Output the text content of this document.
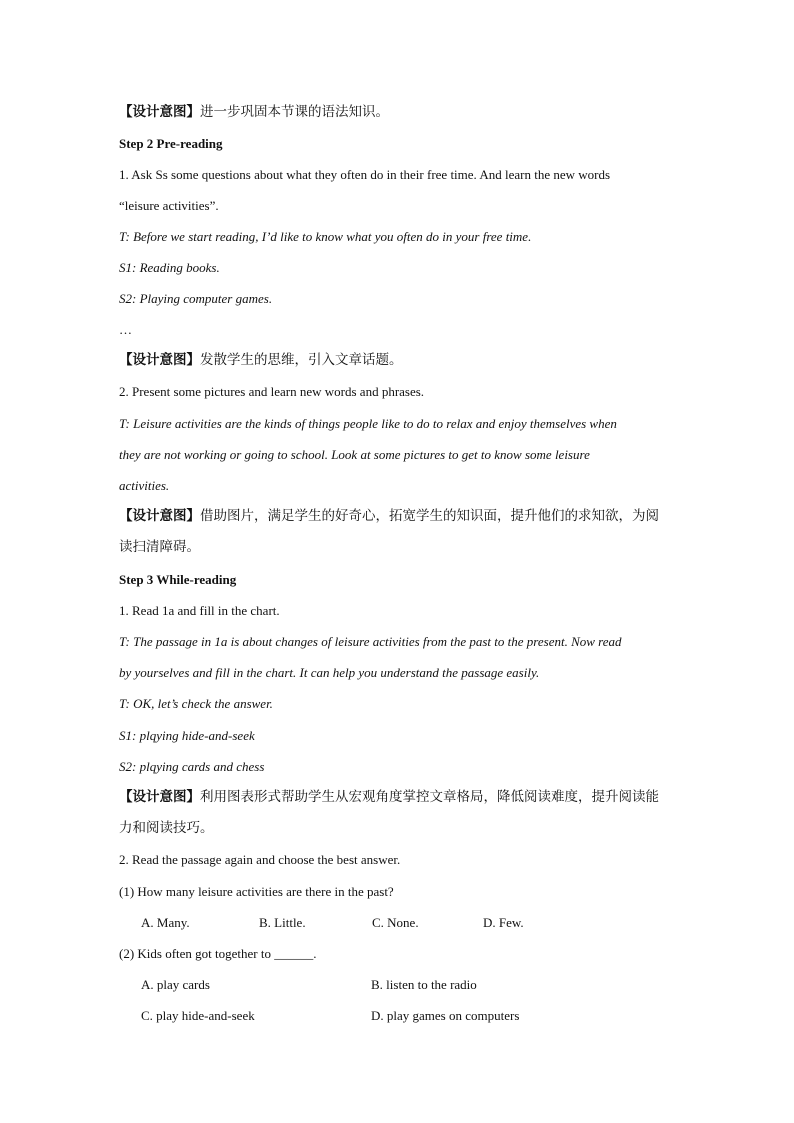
【设计意图】进一步巩固本节课的语法知识。
Step 2 Pre-reading
1. Ask Ss some questions about what they often do in their free time. And learn the new words
“leisure activities”.
T: Before we start reading, I’d like to know what you often do in your free time.
S1: Reading books.
S2: Playing computer games.
…
【设计意图】发散学生的思维，引入文章话题。
2. Present some pictures and learn new words and phrases.
T: Leisure activities are the kinds of things people like to do to relax and enjoy themselves when
they are not working or going to school. Look at some pictures to get to know some leisure
activities.
【设计意图】借助图片，满足学生的好奇心，拓宽学生的知识面，提升他们的求知欲，为阅
读扫清障碍。
Step 3 While-reading
1. Read 1a and fill in the chart.
T: The passage in 1a is about changes of leisure activities from the past to the present. Now read
by yourselves and fill in the chart. It can help you understand the passage easily.
T: OK, let’s check the answer.
S1: plqying hide-and-seek
S2: plqying cards and chess
【设计意图】利用图表形式帮助学生从宏观角度掌控文章格局，降低阅读难度，提升阅读能
力和阅读技巧。
2. Read the passage again and choose the best answer.
(1) How many leisure activities are there in the past?
A. Many.	B. Little.	C. None.	D. Few.
(2) Kids often got together to ______.
A. play cards	B. listen to the radio
C. play hide-and-seek	D. play games on computers
